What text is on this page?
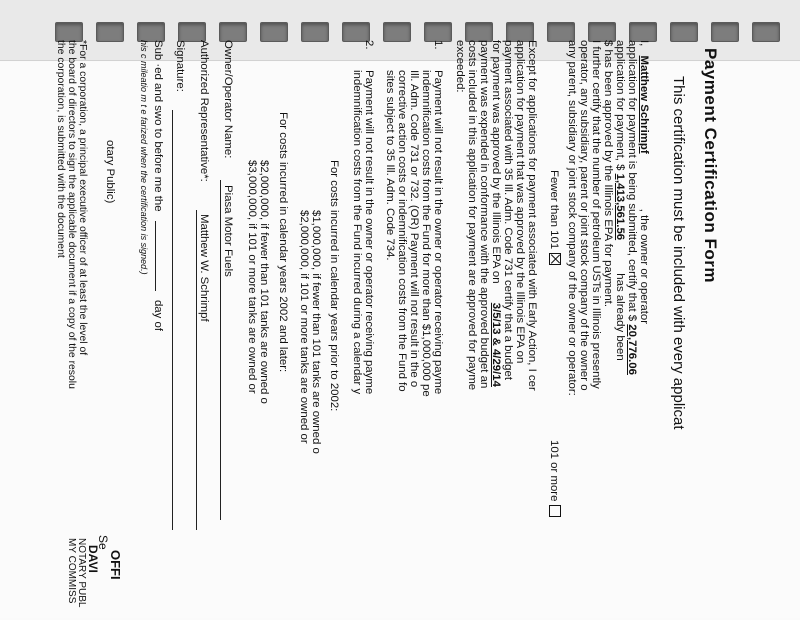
Payment Certification Form
This certification must be included with every applicat
I, Matthew Schrimpf , the owner or operator
application for payment is being submitted, certify that $ 20,776.06
application for payment, $ 1,413,561.56 has already been
$ has been approved by the Illinois EPA for payment.
I further certify that the number of petroleum USTs in Illinois presently
operator, any subsidiary, parent or joint stock company of the owner o
any parent, subsidiary or joint stock company of the owner or operator:
Fewer than 101
101 or more
Except for applications for payment associated with Early Action, I cer
application for payment that was approved by the Illinois EPA on
payment associated with 35 Ill. Adm. Code 731 certify that a budget
for payment was approved by the Illinois EPA on 3/5/13 & 4/29/14
payment was expended in conformance with the approved budget an
costs included in this application for payment are approved for payme
exceeded:
1.
Payment will not result in the owner or operator receiving payme
indemnification costs from the Fund for more than $1,000,000 pe
Ill. Adm. Code 731 or 732. (OR) Payment will not result in the o
corrective action costs or indemnification costs from the Fund fo
sites subject to 35 Ill. Adm. Code 734.
2.
Payment will not result in the owner or operator receiving payme
indemnification costs from the Fund incurred during a calendar y
For costs incurred in calendar years prior to 2002:
$1,000,000, if fewer than 101 tanks are owned o
$2,000,000, if 101 or more tanks are owned or
For costs incurred in calendar years 2002 and later:
$2,000,000, if fewer than 101 tanks are owned o
$3,000,000, if 101 or more tanks are owned or
Owner/Operator Name:
Piasa Motor Fuels
Authorized Representative*:
Matthew W. Schrimpf
Signature:
Sub ·ed and swo to before me the  day of
his c mileatio m t e farized when the certification is signed.)
otary Public)
*For a corporation, a principal executive officer of at least the level of
the board of directors to sign the applicable document if a copy of the resolu
the corporation, is submitted with the document
OFFI
Se
DAVI
NOTARY PUBL
MY COMMISS
